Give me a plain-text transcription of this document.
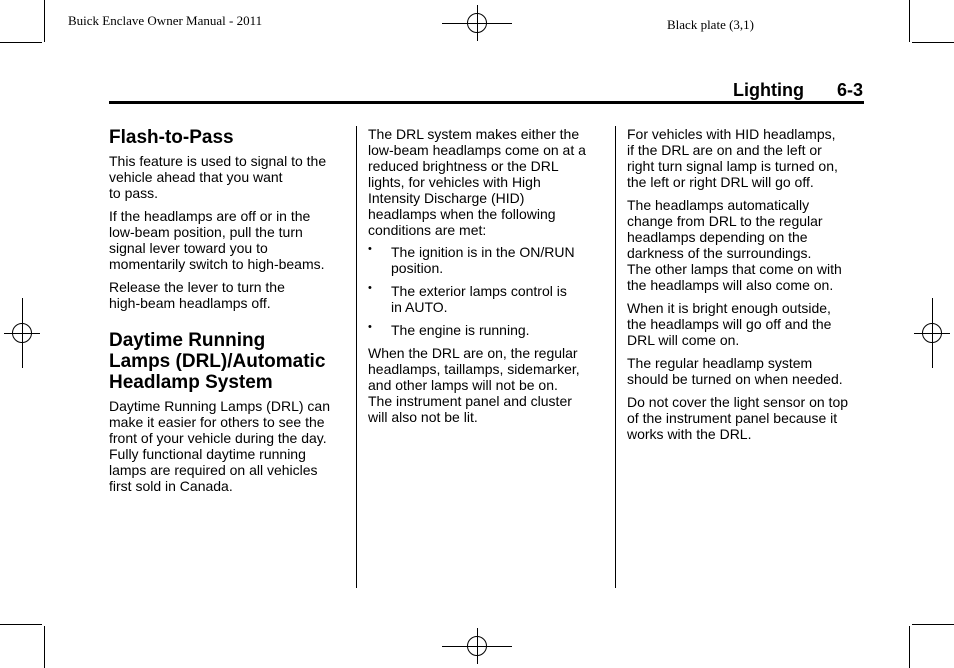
Buick Enclave Owner Manual - 2011	Black plate (3,1)
Lighting 6-3
Flash-to-Pass

This feature is used to signal to the
vehicle ahead that you want
to pass.

If the headlamps are off or in the
low-beam position, pull the turn
signal lever toward you to
momentarily switch to high-beams.

Release the lever to turn the
high-beam headlamps off.

Daytime Running
Lamps (DRL)/Automatic
Headlamp System

Daytime Running Lamps (DRL) can
make it easier for others to see the
front of your vehicle during the day.
Fully functional daytime running
lamps are required on all vehicles
first sold in Canada.

The DRL system makes either the
low-beam headlamps come on at a
reduced brightness or the DRL
lights, for vehicles with High
Intensity Discharge (HID)
headlamps when the following
conditions are met:

• The ignition is in the ON/RUN
position.
• The exterior lamps control is
in AUTO.
• The engine is running.

When the DRL are on, the regular
headlamps, taillamps, sidemarker,
and other lamps will not be on.
The instrument panel and cluster
will also not be lit.

For vehicles with HID headlamps,
if the DRL are on and the left or
right turn signal lamp is turned on,
the left or right DRL will go off.

The headlamps automatically
change from DRL to the regular
headlamps depending on the
darkness of the surroundings.
The other lamps that come on with
the headlamps will also come on.

When it is bright enough outside,
the headlamps will go off and the
DRL will come on.

The regular headlamp system
should be turned on when needed.

Do not cover the light sensor on top
of the instrument panel because it
works with the DRL.
